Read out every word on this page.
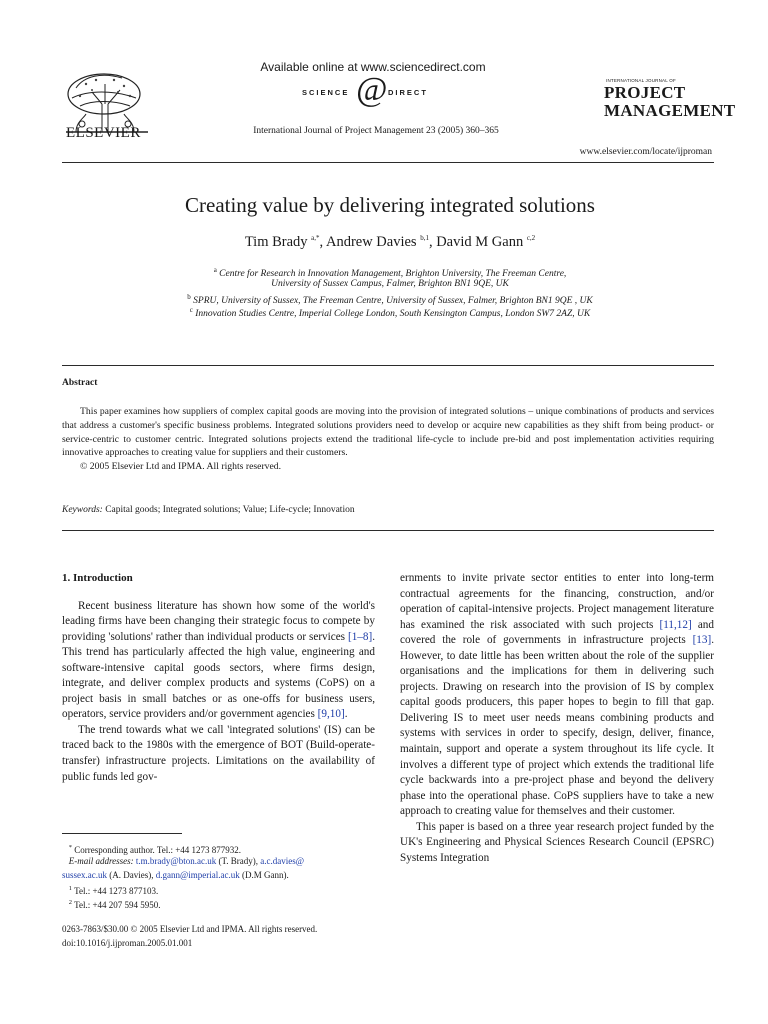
ELSEVIER
Available online at www.sciencedirect.com
SCIENCE @ DIRECT
International Journal of Project Management 23 (2005) 360–365
INTERNATIONAL JOURNAL OF
PROJECT
MANAGEMENT
www.elsevier.com/locate/ijproman
Creating value by delivering integrated solutions
Tim Brady $^{a,*}$, Andrew Davies $^{b,1}$, David M Gann $^{c,2}$
$^a$ Centre for Research in Innovation Management, Brighton University, The Freeman Centre,
University of Sussex Campus, Falmer, Brighton BN1 9QE, UK
$^b$ SPRU, University of Sussex, The Freeman Centre, University of Sussex, Falmer, Brighton BN1 9QE , UK
$^c$ Innovation Studies Centre, Imperial College London, South Kensington Campus, London SW7 2AZ, UK
Abstract

This paper examines how suppliers of complex capital goods are moving into the provision of integrated solutions – unique combinations of products and services that address a customer's specific business problems. Integrated solutions providers need to develop or acquire new capabilities as they shift from being product- or service-centric to customer centric. Integrated solutions projects extend the traditional life-cycle to include pre-bid and post implementation activities requiring innovative approaches to creating value for suppliers and their customers.

© 2005 Elsevier Ltd and IPMA. All rights reserved.

Keywords: Capital goods; Integrated solutions; Value; Life-cycle; Innovation

1. Introduction

Recent business literature has shown how some of the world's leading firms have been changing their strategic focus to compete by providing 'solutions' rather than individual products or services [1–8]. This trend has particularly affected the high value, engineering and software-intensive capital goods sectors, where firms design, integrate, and deliver complex products and systems (CoPS) on a project basis in small batches or as one-offs for business users, operators, service providers and/or government agencies [9,10].

The trend towards what we call 'integrated solutions' (IS) can be traced back to the 1980s with the emergence of BOT (Build-operate-transfer) infrastructure projects. Limitations on the availability of public funds led gov-

ernments to invite private sector entities to enter into long-term contractual agreements for the financing, construction, and/or operation of capital-intensive projects. Project management literature has examined the risk associated with such projects [11,12] and covered the role of governments in infrastructure projects [13]. However, to date little has been written about the role of the supplier organisations and the implications for them in delivering such projects. Drawing on research into the provision of IS by complex capital goods producers, this paper hopes to begin to fill that gap. Delivering IS to meet user needs means combining products and systems with services in order to specify, design, deliver, finance, maintain, support and operate a system throughout its life cycle. It involves a different type of project which extends the traditional life cycle backwards into a pre-project phase and beyond the delivery phase into the operational phase. CoPS suppliers have to take a new approach to creating value for themselves and their customer.

This paper is based on a three year research project funded by the UK's Engineering and Physical Sciences Research Council (EPSRC) Systems Integration

* Corresponding author. Tel.: +44 1273 877932.
E-mail addresses: t.m.brady@bton.ac.uk (T. Brady), a.c.davies@
sussex.ac.uk (A. Davies), d.gann@imperial.ac.uk (D.M Gann).
$^1$ Tel.: +44 1273 877103.
$^2$ Tel.: +44 207 594 5950.
0263-7863/$30.00 © 2005 Elsevier Ltd and IPMA. All rights reserved.
doi:10.1016/j.ijproman.2005.01.001
